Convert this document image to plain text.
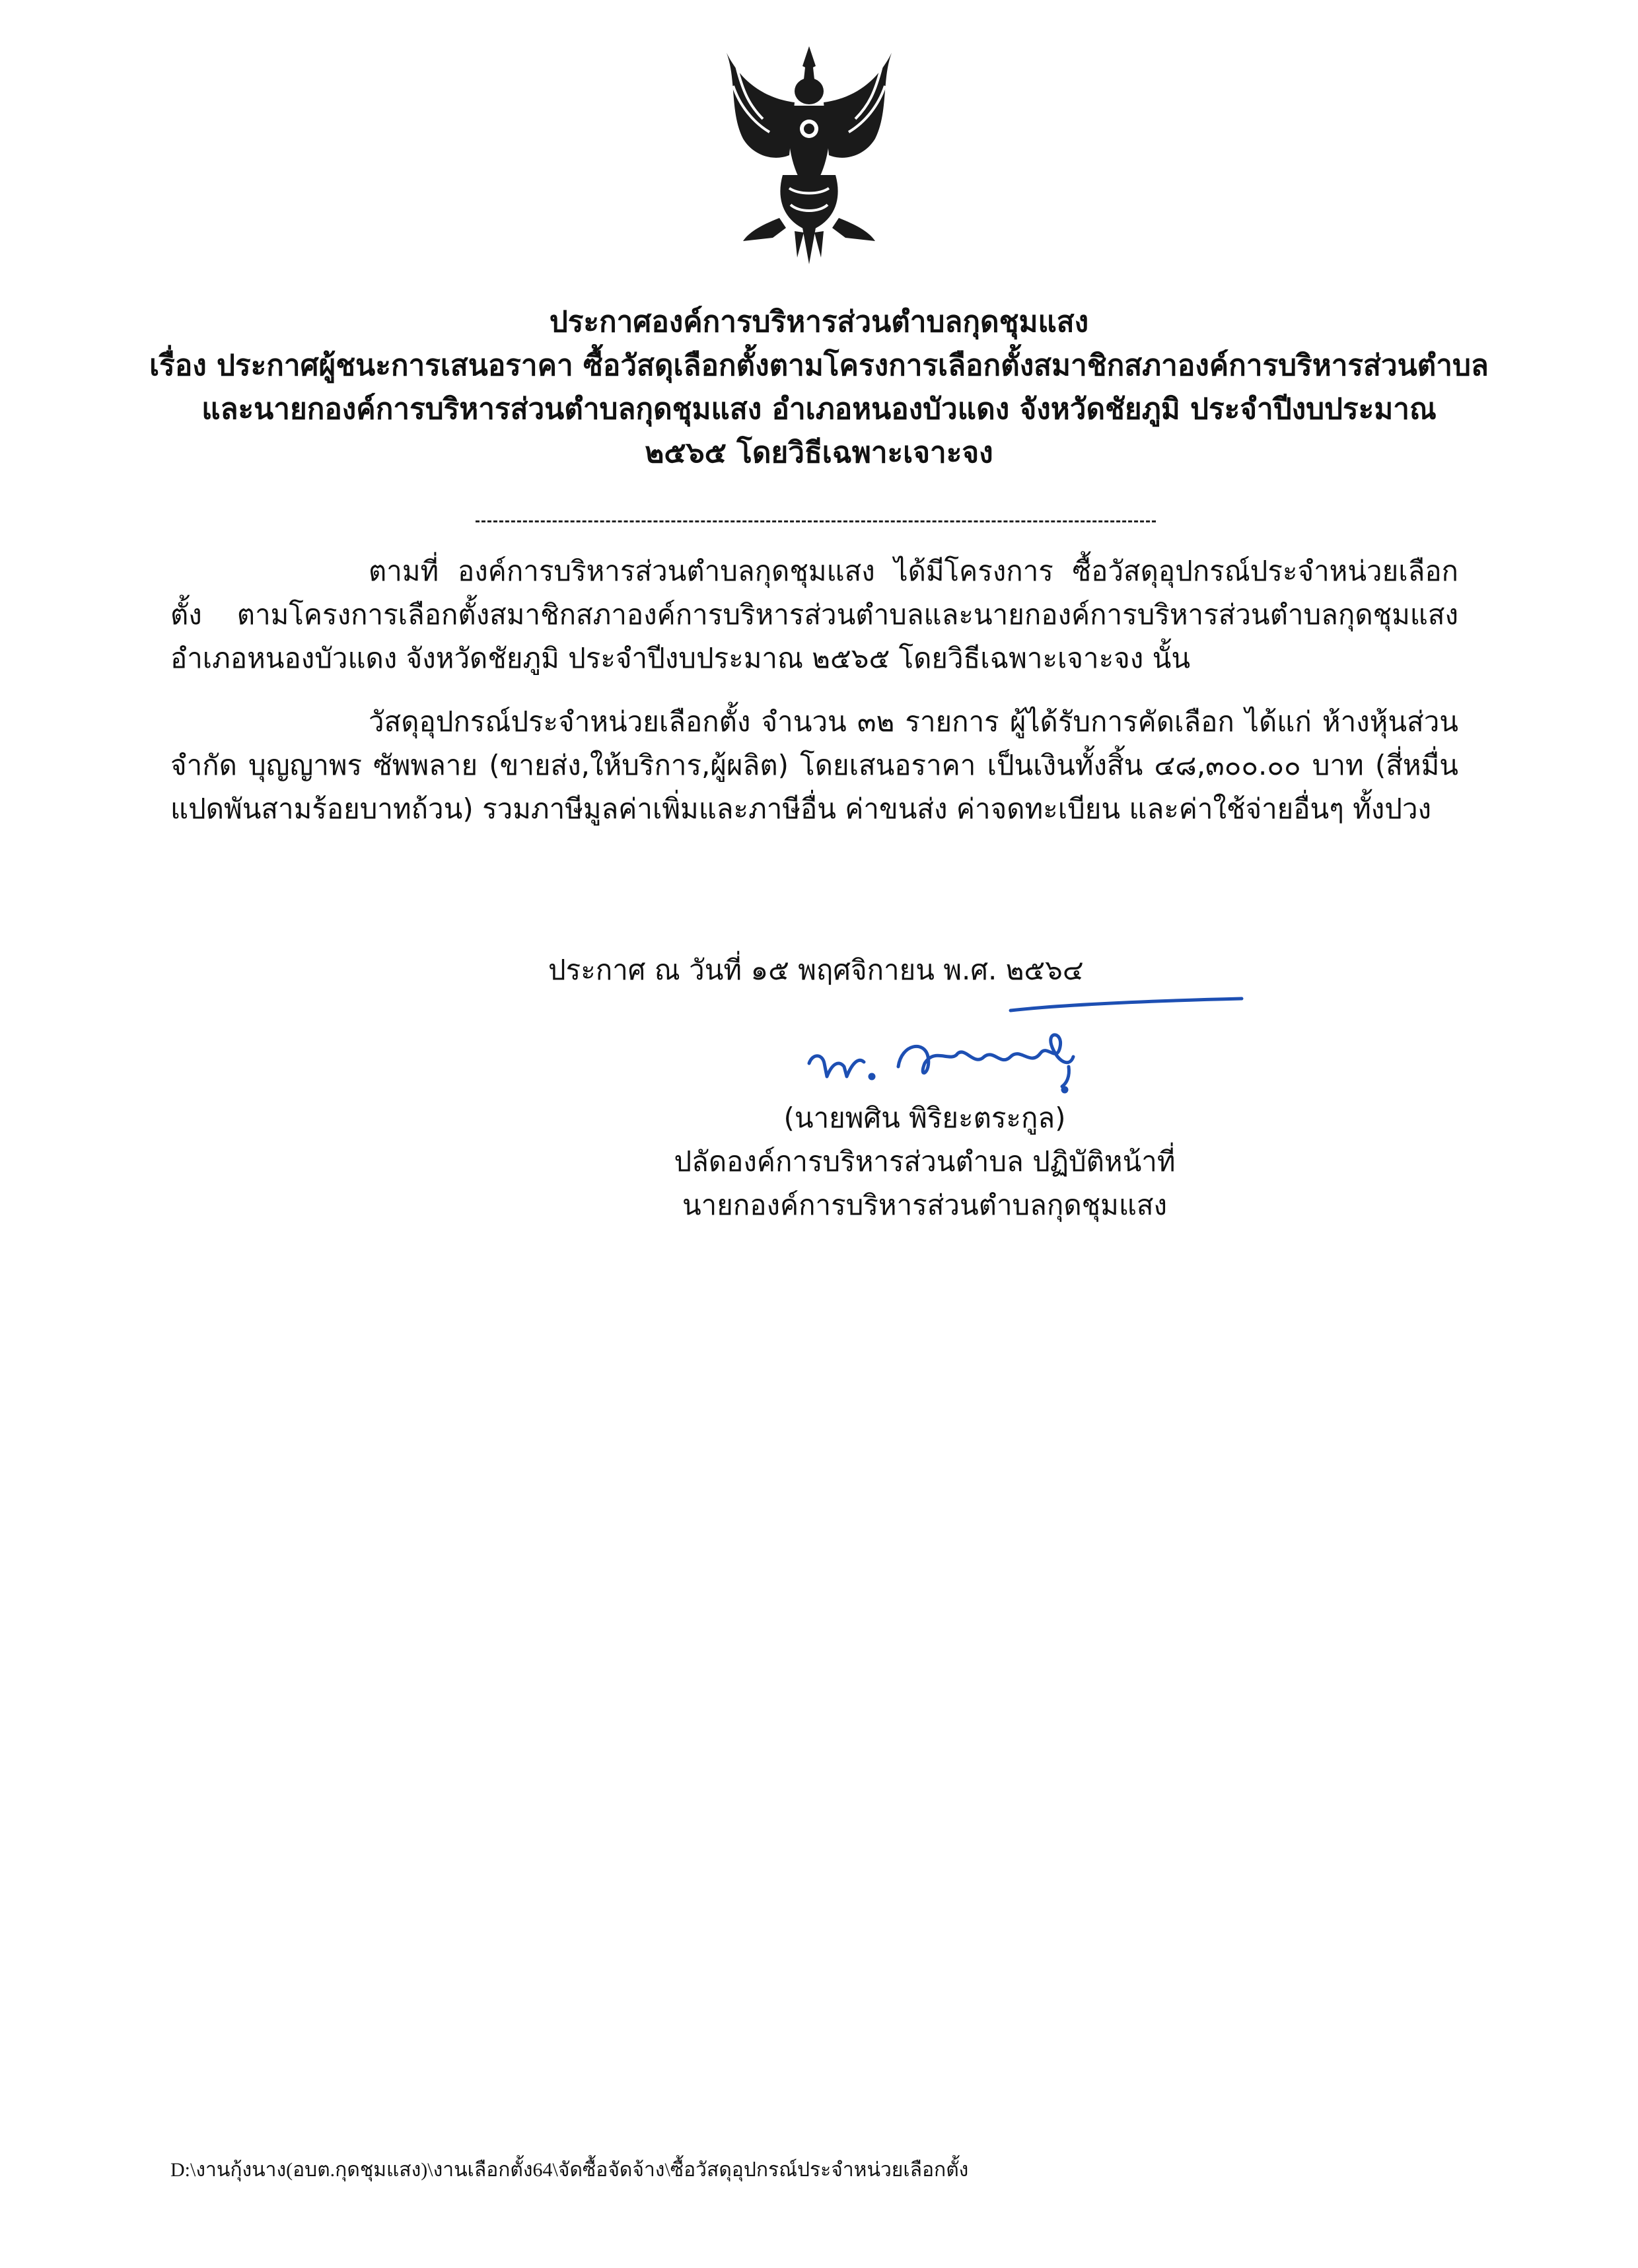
ประกาศองค์การบริหารส่วนตำบลกุดชุมแสง
เรื่อง ประกาศผู้ชนะการเสนอราคา ซื้อวัสดุเลือกตั้งตามโครงการเลือกตั้งสมาชิกสภาองค์การบริหารส่วนตำบล
และนายกองค์การบริหารส่วนตำบลกุดชุมแสง อำเภอหนองบัวแดง จังหวัดชัยภูมิ ประจำปีงบประมาณ
๒๕๖๕ โดยวิธีเฉพาะเจาะจง
ตามที่ องค์การบริหารส่วนตำบลกุดชุมแสง ได้มีโครงการ ซื้อวัสดุอุปกรณ์ประจำหน่วยเลือกตั้ง ตามโครงการเลือกตั้งสมาชิกสภาองค์การบริหารส่วนตำบลและนายกองค์การบริหารส่วนตำบลกุดชุมแสง อำเภอหนองบัวแดง จังหวัดชัยภูมิ ประจำปีงบประมาณ ๒๕๖๕ โดยวิธีเฉพาะเจาะจง นั้น
วัสดุอุปกรณ์ประจำหน่วยเลือกตั้ง จำนวน ๓๒ รายการ ผู้ได้รับการคัดเลือก ได้แก่ ห้างหุ้นส่วนจำกัด บุญญาพร ซัพพลาย (ขายส่ง,ให้บริการ,ผู้ผลิต) โดยเสนอราคา เป็นเงินทั้งสิ้น ๔๘,๓๐๐.๐๐ บาท (สี่หมื่นแปดพันสามร้อยบาทถ้วน) รวมภาษีมูลค่าเพิ่มและภาษีอื่น ค่าขนส่ง ค่าจดทะเบียน และค่าใช้จ่ายอื่นๆ ทั้งปวง
ประกาศ ณ วันที่ ๑๕ พฤศจิกายน พ.ศ. ๒๕๖๔
(นายพศิน พิริยะตระกูล)
ปลัดองค์การบริหารส่วนตำบล ปฏิบัติหน้าที่
นายกองค์การบริหารส่วนตำบลกุดชุมแสง
D:\งานกุ้งนาง(อบต.กุดชุมแสง)\งานเลือกตั้ง64\จัดซื้อจัดจ้าง\ซื้อวัสดุอุปกรณ์ประจำหน่วยเลือกตั้ง
